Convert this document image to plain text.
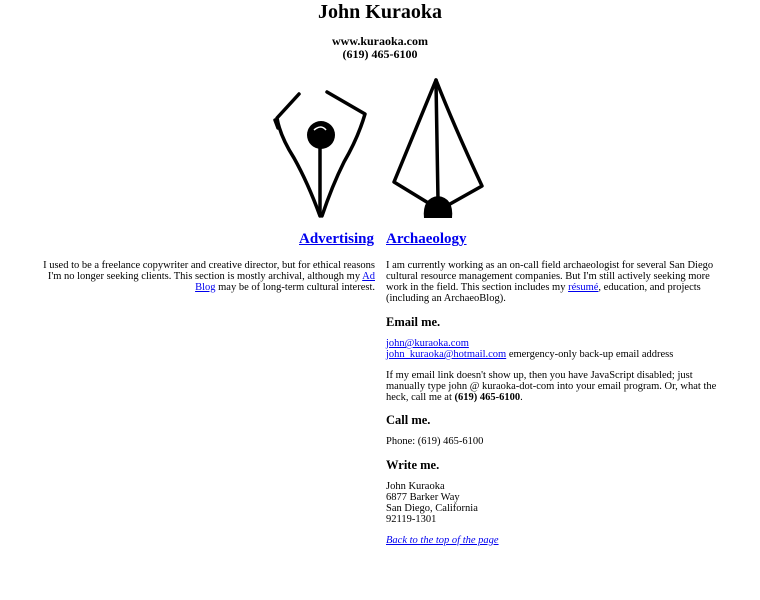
John Kuraoka
www.kuraoka.com
(619) 465-6100
Advertising Archaeology
I used to be a freelance copywriter and creative director, but for ethical reasons I'm no longer seeking clients. This section is mostly archival, although my Ad Blog may be of long-term cultural interest.

I am currently working as an on-call field archaeologist for several San Diego cultural resource management companies. But I'm still actively seeking more work in the field. This section includes my résumé, education, and projects (including an ArchaeoBlog).

Email me.
john@kuraoka.com
john_kuraoka@hotmail.com emergency-only back-up email address

If my email link doesn't show up, then you have JavaScript disabled; just manually type john @ kuraoka-dot-com into your email program. Or, what the heck, call me at (619) 465-6100.

Call me.
Phone: (619) 465-6100
Write me.
John Kuraoka
6877 Barker Way
San Diego, California
92119-1301
Back to the top of the page
